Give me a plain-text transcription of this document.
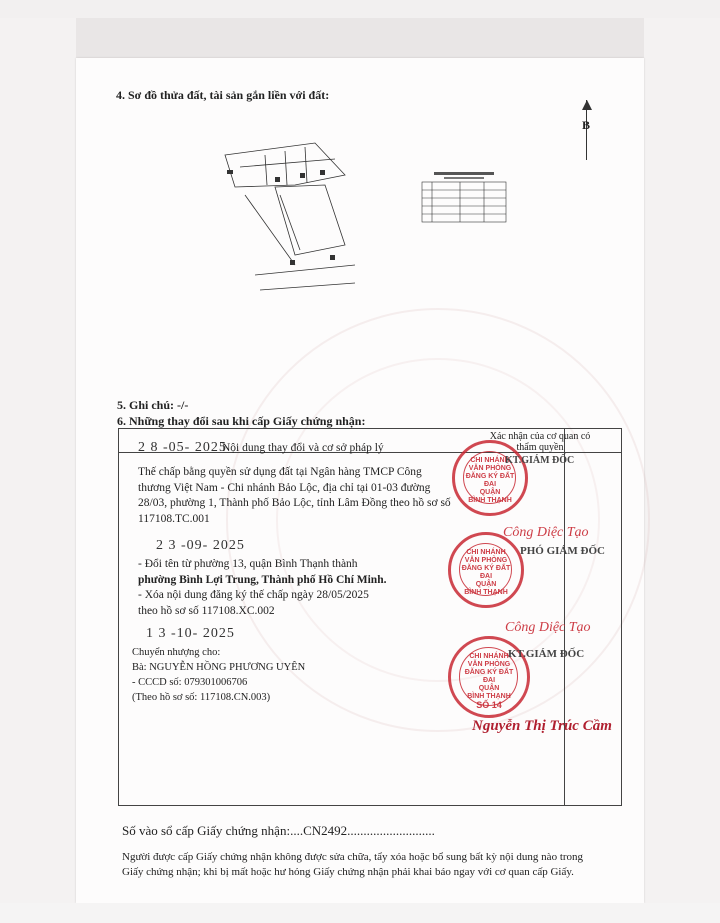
4. Sơ đồ thửa đất, tài sản gắn liền với đất:
B
5. Ghi chú: -/-
6. Những thay đổi sau khi cấp Giấy chứng nhận:
2 8 -05- 2025
Nội dung thay đổi và cơ sở pháp lý
Xác nhận của cơ quan có thẩm quyền
Thế chấp bằng quyền sử dụng đất tại Ngân hàng TMCP Công
thương Việt Nam - Chi nhánh Bảo Lộc, địa chỉ tại 01-03 đường
28/03, phường 1, Thành phố Bảo Lộc, tỉnh Lâm Đồng theo hồ sơ số
117108.TC.001
2 3 -09- 2025
- Đổi tên từ phường 13, quận Bình Thạnh thành
phường Bình Lợi Trung, Thành phố Hồ Chí Minh.
- Xóa nội dung đăng ký thế chấp ngày 28/05/2025
theo hồ sơ số 117108.XC.002
1 3 -10- 2025
Chuyển nhượng cho:
Bà: NGUYỄN HỒNG PHƯƠNG UYÊN
- CCCD số: 079301006706
(Theo hồ sơ số: 117108.CN.003)
CHI NHÁNH
VĂN PHÒNG
ĐĂNG KÝ ĐẤT ĐAI
QUẬN
BÌNH THẠNH
KT.GIÁM ĐỐC
Công Diệc Tạo
CHI NHÁNH
VĂN PHÒNG
ĐĂNG KÝ ĐẤT ĐAI
QUẬN
BÌNH THẠNH
PHÓ GIÁM ĐỐC
Công Diệc Tạo
CHI NHÁNH
VĂN PHÒNG
ĐĂNG KÝ ĐẤT ĐAI
QUẬN
BÌNH THẠNH
SỐ 14
KT.GIÁM ĐỐC
Nguyễn Thị Trúc Cầm
Số vào sổ cấp Giấy chứng nhận:....CN2492...........................
Người được cấp Giấy chứng nhận không được sửa chữa, tẩy xóa hoặc bổ sung bất kỳ nội dung nào trong
Giấy chứng nhận; khi bị mất hoặc hư hỏng Giấy chứng nhận phải khai báo ngay với cơ quan cấp Giấy.
